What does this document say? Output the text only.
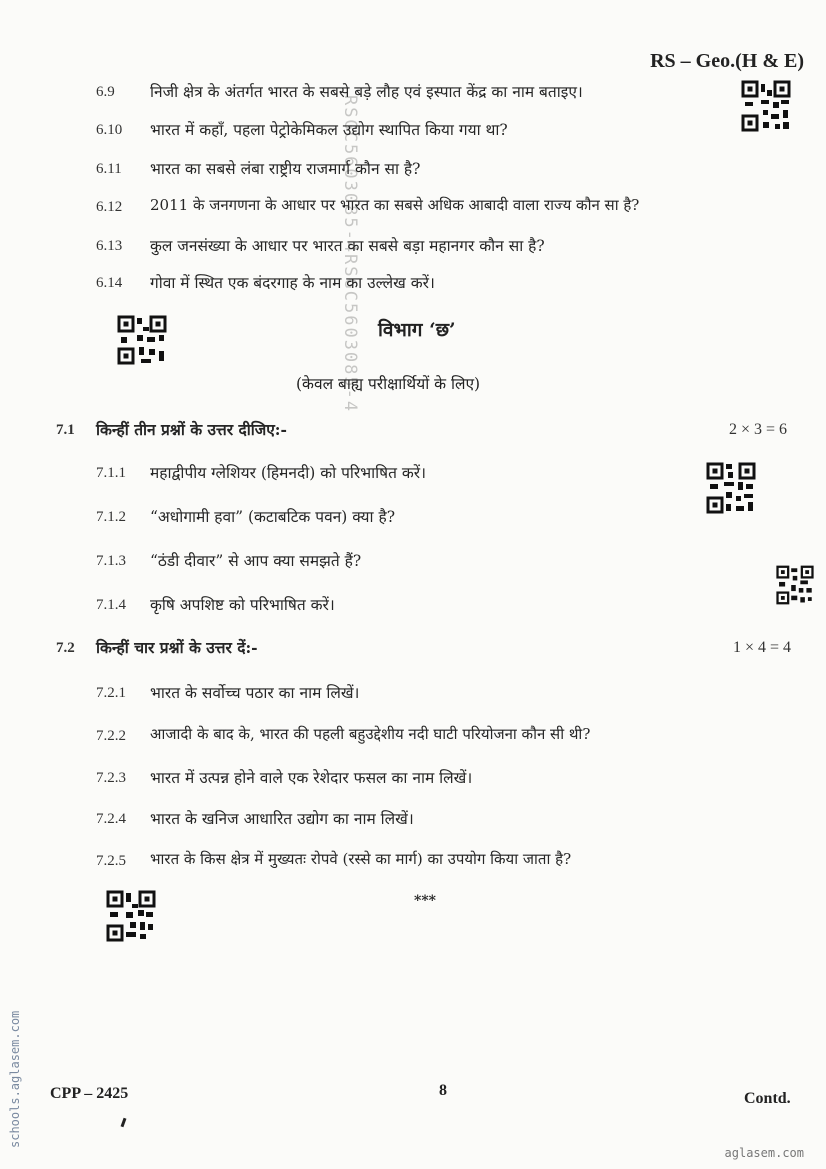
RS – Geo.(H & E)
RSGC5603085-4RSGC5603085-4
6.9 निजी क्षेत्र के अंतर्गत भारत के सबसे बड़े लौह एवं इस्पात केंद्र का नाम बताइए।
6.10 भारत में कहाँ, पहला पेट्रोकेमिकल उद्योग स्थापित किया गया था?
6.11 भारत का सबसे लंबा राष्ट्रीय राजमार्ग कौन सा है?
6.12 2011 के जनगणना के आधार पर भारत का सबसे अधिक आबादी वाला राज्य कौन सा है?
6.13 कुल जनसंख्या के आधार पर भारत का सबसे बड़ा महानगर कौन सा है?
6.14 गोवा में स्थित एक बंदरगाह के नाम का उल्लेख करें।
विभाग ‘छ’
(केवल बाह्य परीक्षार्थियों के लिए)
7.1 किन्हीं तीन प्रश्नों के उत्तर दीजिए:-	2 × 3 = 6
7.1.1 महाद्वीपीय ग्लेशियर (हिमनदी) को परिभाषित करें।
7.1.2 “अधोगामी हवा” (कटाबटिक पवन) क्या है?
7.1.3 “ठंडी दीवार” से आप क्या समझते हैं?
7.1.4 कृषि अपशिष्ट को परिभाषित करें।
7.2 किन्हीं चार प्रश्नों के उत्तर दें:-	1 × 4 = 4
7.2.1 भारत के सर्वोच्च पठार का नाम लिखें।
7.2.2 आजादी के बाद के, भारत की पहली बहुउद्देशीय नदी घाटी परियोजना कौन सी थी?
7.2.3 भारत में उत्पन्न होने वाले एक रेशेदार फसल का नाम लिखें।
7.2.4 भारत के खनिज आधारित उद्योग का नाम लिखें।
7.2.5 भारत के किस क्षेत्र में मुख्यतः रोपवे (रस्से का मार्ग) का उपयोग किया जाता है?
***
CPP – 2425	8	Contd.
schools.aglasem.com
aglasem.com
